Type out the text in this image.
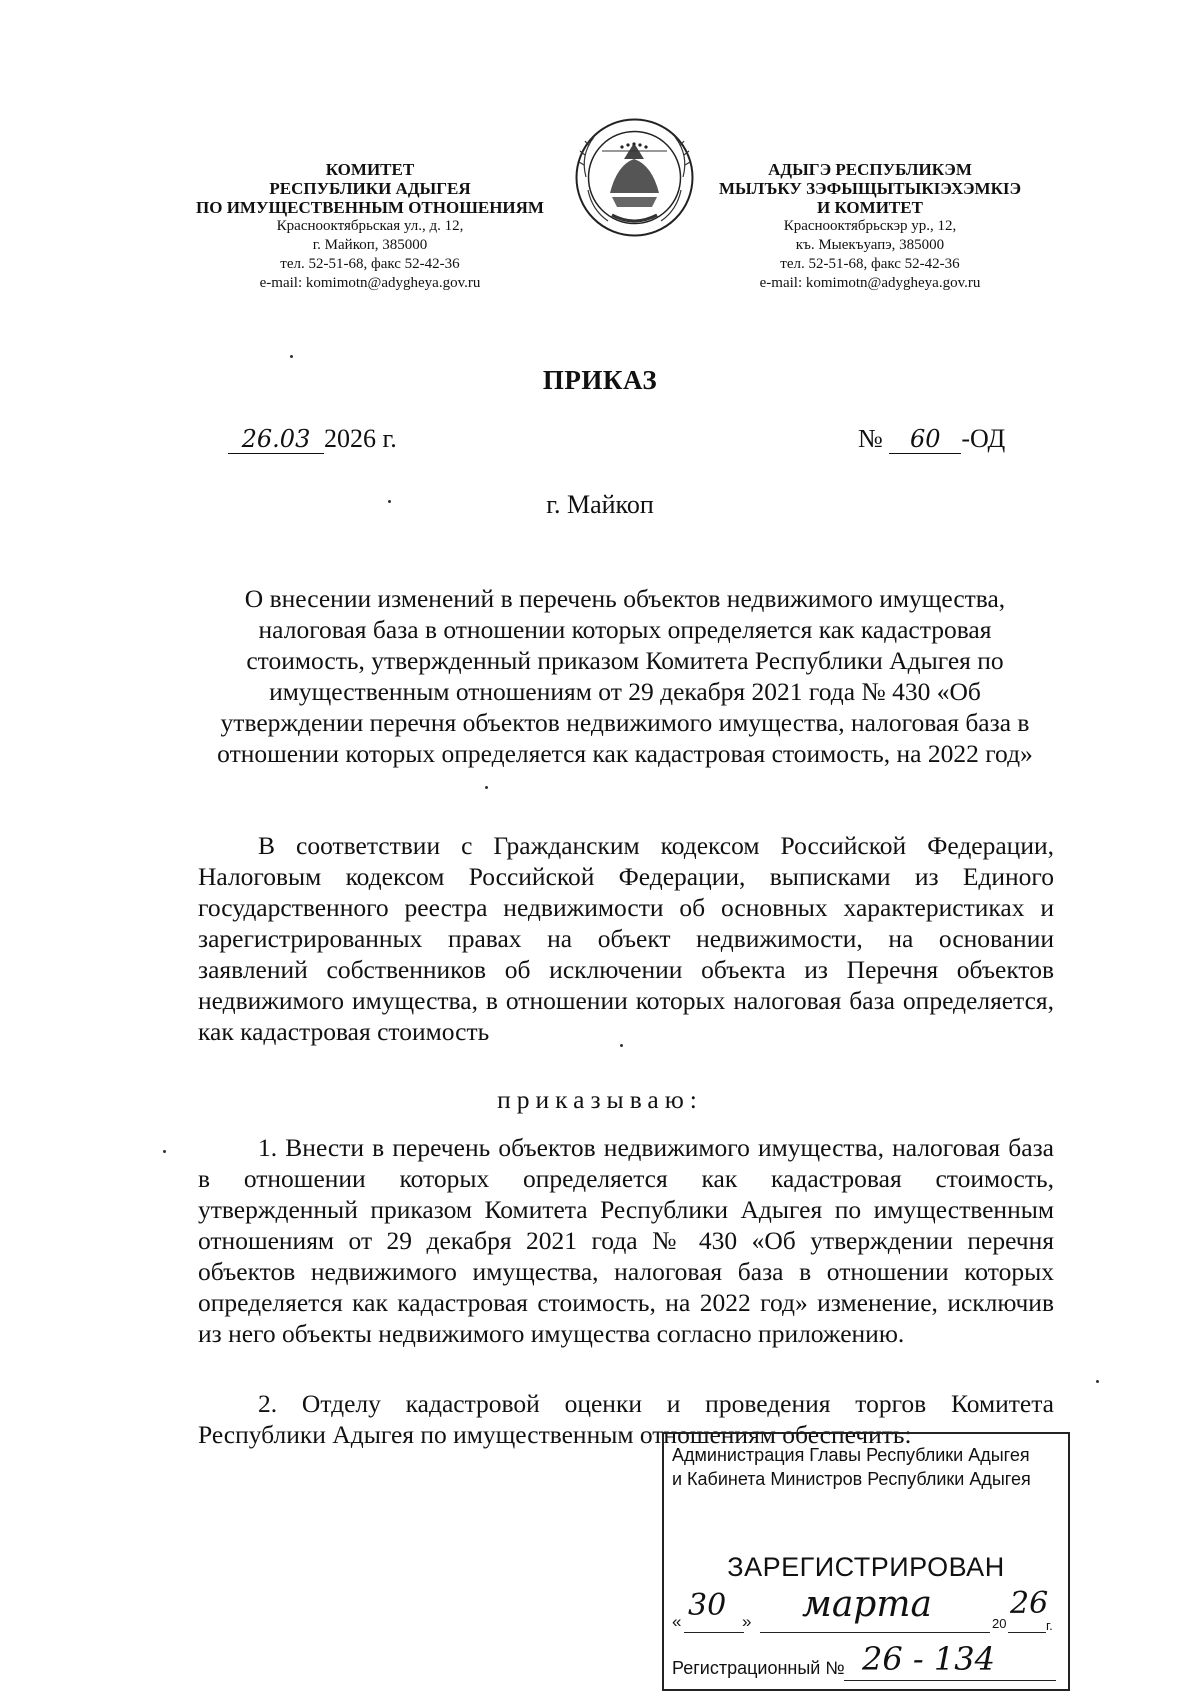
КОМИТЕТ
РЕСПУБЛИКИ АДЫГЕЯ
ПО ИМУЩЕСТВЕННЫМ ОТНОШЕНИЯМ
Краснооктябрьская ул., д. 12,
г. Майкоп, 385000
тел. 52-51-68, факс 52-42-36
e-mail: komimotn@adygheya.gov.ru
АДЫГЭ РЕСПУБЛИКЭМ
МЫЛЪКУ ЗЭФЫЩЫТЫКІЭХЭМКІЭ
И КОМИТЕТ
Краснооктябрьскэр ур., 12,
къ. Мыекъуапэ, 385000
тел. 52-51-68, факс 52-42-36
e-mail: komimotn@adygheya.gov.ru
ПРИКАЗ
26.03 2026 г.	№ 60 -ОД
г. Майкоп
О внесении изменений в перечень объектов недвижимого имущества, налоговая база в отношении которых определяется как кадастровая стоимость, утвержденный приказом Комитета Республики Адыгея по имущественным отношениям от 29 декабря 2021 года № 430 «Об утверждении перечня объектов недвижимого имущества, налоговая база в отношении которых определяется как кадастровая стоимость, на 2022 год»
В соответствии с Гражданским кодексом Российской Федерации, Налоговым кодексом Российской Федерации, выписками из Единого государственного реестра недвижимости об основных характеристиках и зарегистрированных правах на объект недвижимости, на основании заявлений собственников об исключении объекта из Перечня объектов недвижимого имущества, в отношении которых налоговая база определяется, как кадастровая стоимость
приказываю:
1. Внести в перечень объектов недвижимого имущества, налоговая база в отношении которых определяется как кадастровая стоимость, утвержденный приказом Комитета Республики Адыгея по имущественным отношениям от 29 декабря 2021 года № 430 «Об утверждении перечня объектов недвижимого имущества, налоговая база в отношении которых определяется как кадастровая стоимость, на 2022 год» изменение, исключив из него объекты недвижимого имущества согласно приложению.
2. Отделу кадастровой оценки и проведения торгов Комитета Республики Адыгея по имущественным отношениям обеспечить:
Администрация Главы Республики Адыгея
и Кабинета Министров Республики Адыгея
ЗАРЕГИСТРИРОВАН
« 30 » марта	20
26
г.
Регистрационный № 26 - 134
